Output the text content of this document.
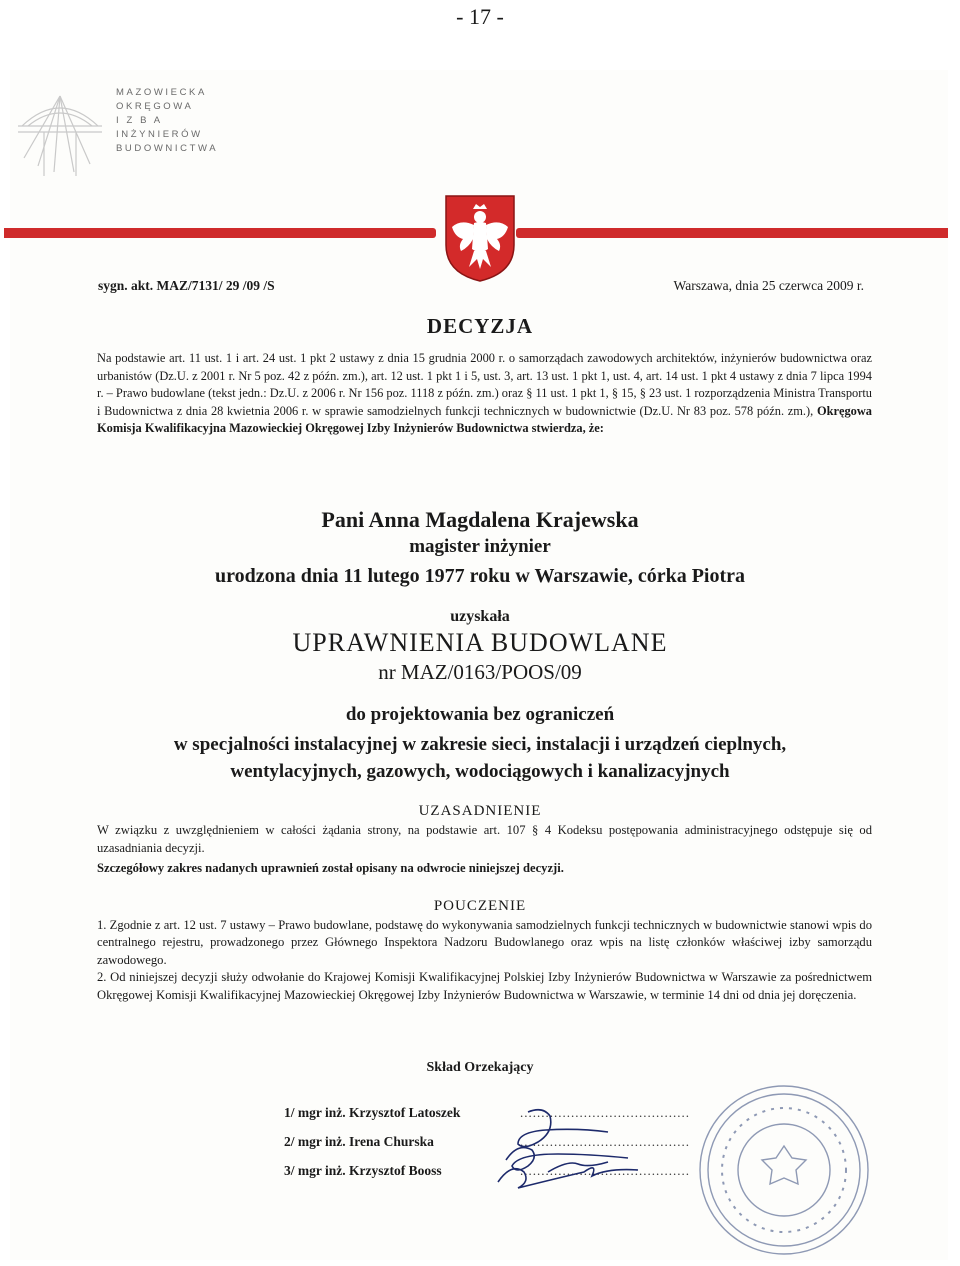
- 17 -
MAZOWIECKA
OKRĘGOWA
I Z B A
INŻYNIERÓW
BUDOWNICTWA
sygn. akt. MAZ/7131/ 29 /09 /S	Warszawa, dnia 25 czerwca 2009 r.
DECYZJA
Na podstawie art. 11 ust. 1 i art. 24 ust. 1 pkt 2 ustawy z dnia 15 grudnia 2000 r. o samorządach zawodowych architektów, inżynierów budownictwa oraz urbanistów (Dz.U. z 2001 r. Nr 5 poz. 42 z późn. zm.), art. 12 ust. 1 pkt 1 i 5, ust. 3, art. 13 ust. 1 pkt 1, ust. 4, art. 14 ust. 1 pkt 4 ustawy z dnia 7 lipca 1994 r. – Prawo budowlane (tekst jedn.: Dz.U. z 2006 r. Nr 156 poz. 1118 z późn. zm.) oraz § 11 ust. 1 pkt 1, § 15, § 23 ust. 1 rozporządzenia Ministra Transportu i Budownictwa z dnia 28 kwietnia 2006 r. w sprawie samodzielnych funkcji technicznych w budownictwie (Dz.U. Nr 83 poz. 578 późn. zm.), Okręgowa Komisja Kwalifikacyjna Mazowieckiej Okręgowej Izby Inżynierów Budownictwa stwierdza, że:
Pani Anna Magdalena Krajewska
magister inżynier
urodzona dnia 11 lutego 1977 roku w Warszawie, córka Piotra
uzyskała
UPRAWNIENIA BUDOWLANE
nr MAZ/0163/POOS/09
do projektowania bez ograniczeń
w specjalności instalacyjnej w zakresie sieci, instalacji i urządzeń cieplnych,
wentylacyjnych, gazowych, wodociągowych i kanalizacyjnych
UZASADNIENIE
W związku z uwzględnieniem w całości żądania strony, na podstawie art. 107 § 4 Kodeksu postępowania administracyjnego odstępuje się od uzasadniania decyzji.
Szczegółowy zakres nadanych uprawnień został opisany na odwrocie niniejszej decyzji.
POUCZENIE
1. Zgodnie z art. 12 ust. 7 ustawy – Prawo budowlane, podstawę do wykonywania samodzielnych funkcji technicznych w budownictwie stanowi wpis do centralnego rejestru, prowadzonego przez Głównego Inspektora Nadzoru Budowlanego oraz wpis na listę członków właściwej izby samorządu zawodowego.
2. Od niniejszej decyzji służy odwołanie do Krajowej Komisji Kwalifikacyjnej Polskiej Izby Inżynierów Budownictwa w Warszawie za pośrednictwem Okręgowej Komisji Kwalifikacyjnej Mazowieckiej Okręgowej Izby Inżynierów Budownictwa w Warszawie, w terminie 14 dni od dnia jej doręczenia.
Skład Orzekający
1/ mgr inż. Krzysztof Latoszek
2/ mgr inż. Irena Churska
3/ mgr inż. Krzysztof Booss
........................................
........................................
........................................
